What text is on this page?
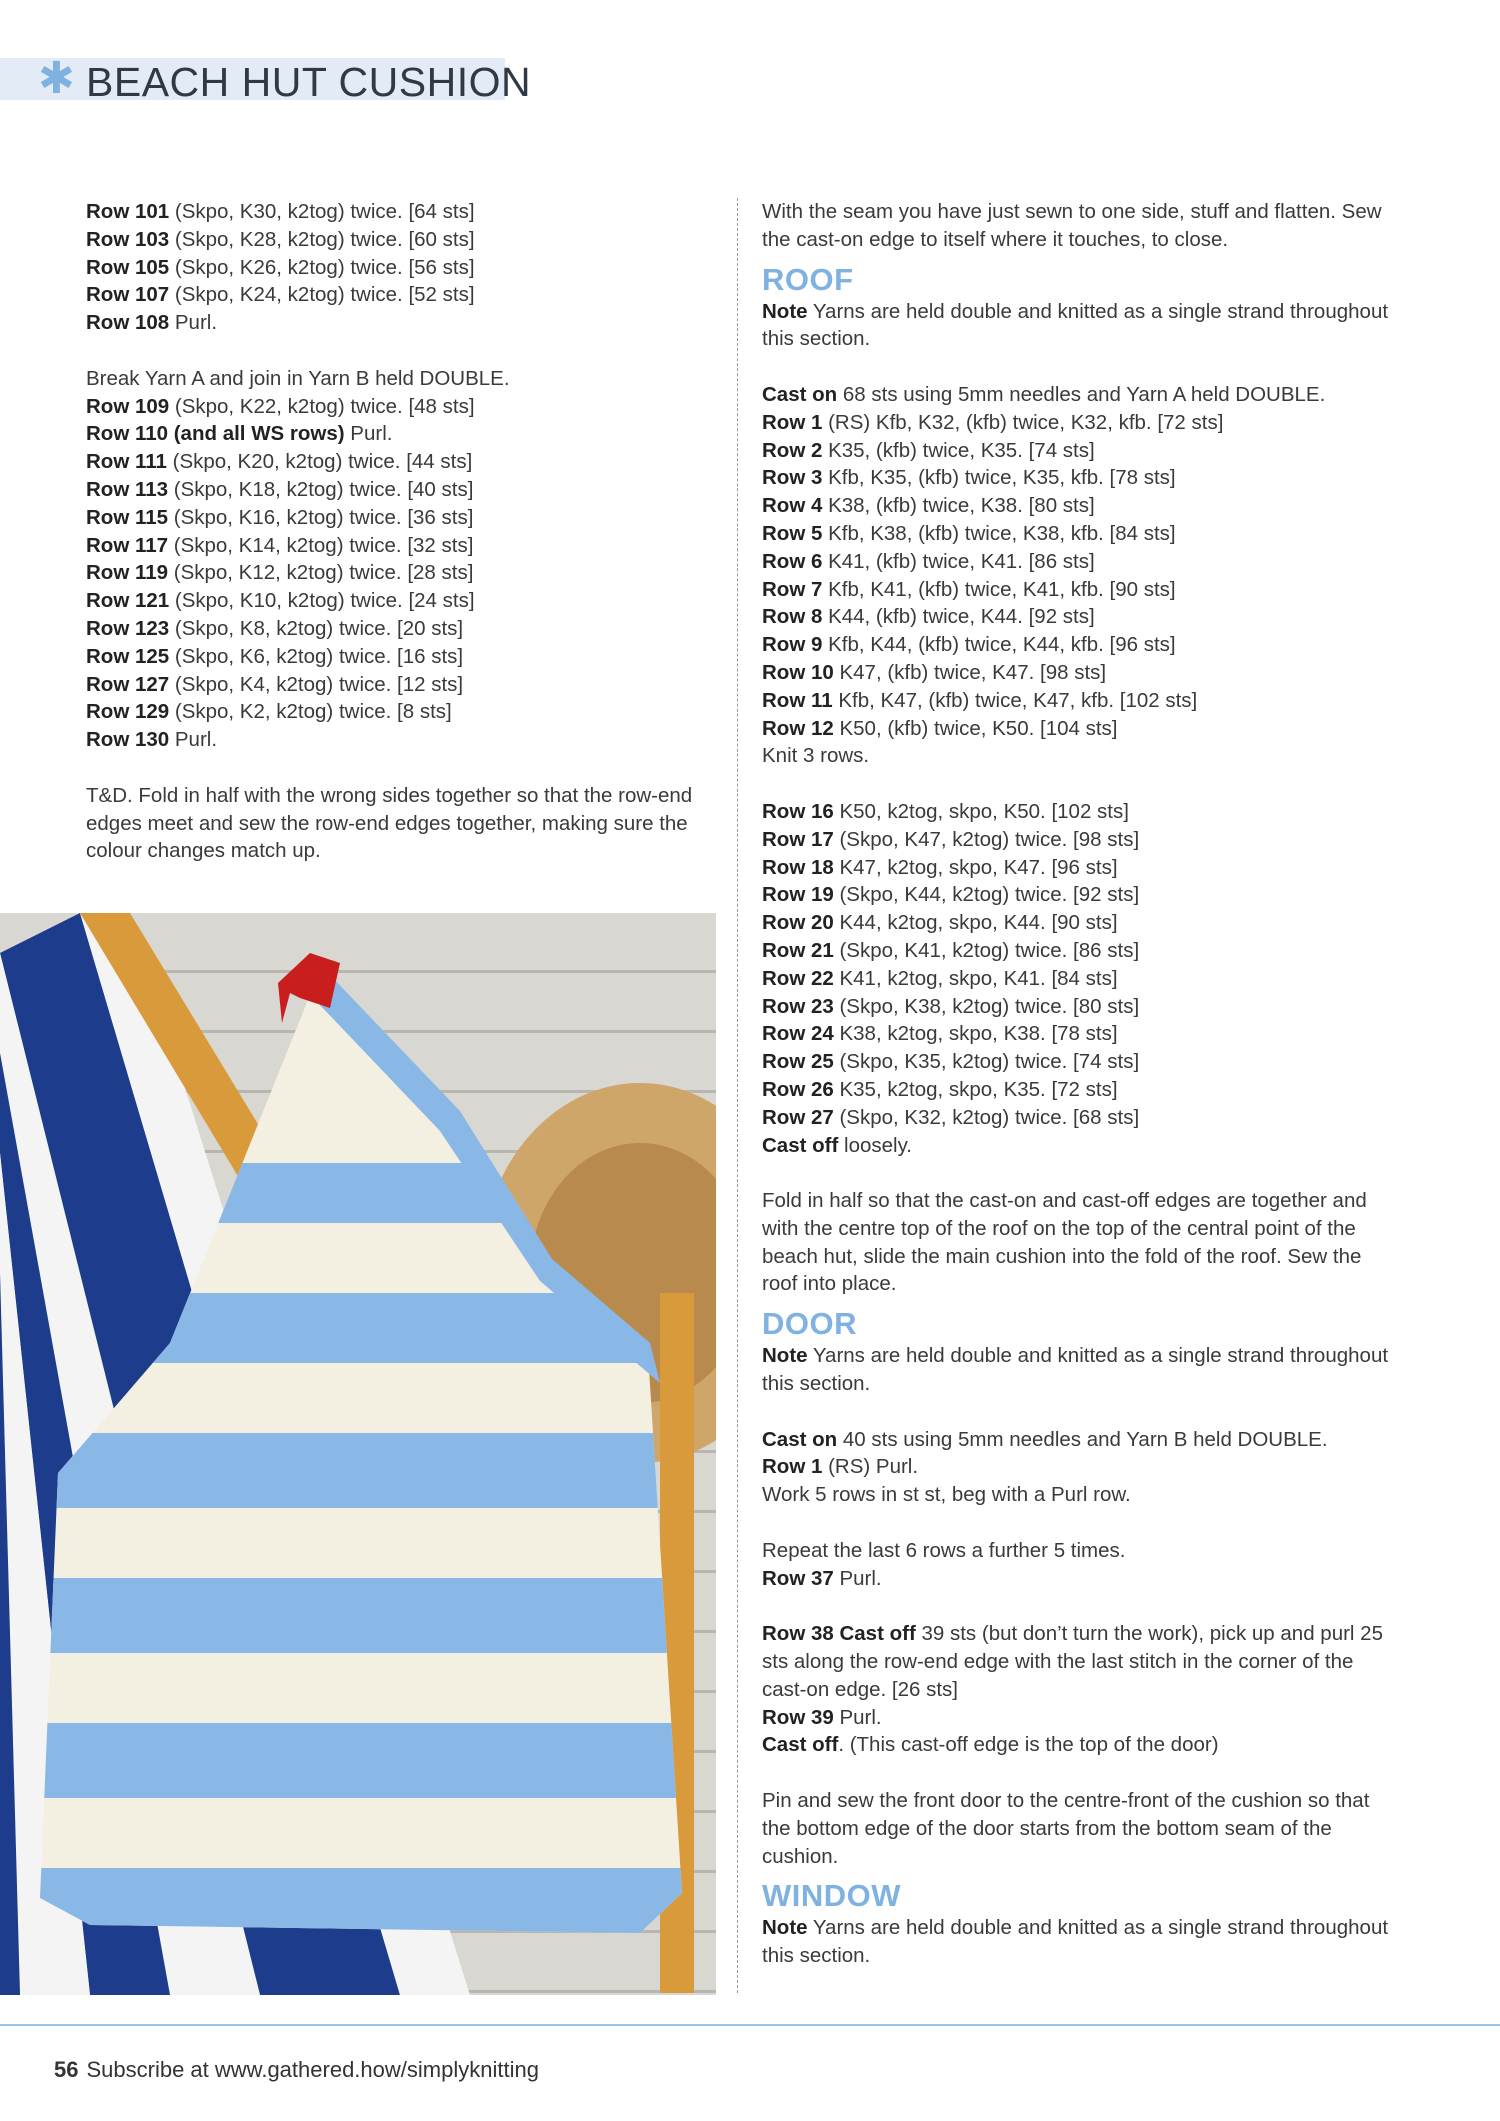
✱ BEACH HUT CUSHION

Row 101 (Skpo, K30, k2tog) twice. [64 sts]

Row 103 (Skpo, K28, k2tog) twice. [60 sts]

Row 105 (Skpo, K26, k2tog) twice. [56 sts]

Row 107 (Skpo, K24, k2tog) twice. [52 sts]

Row 108 Purl.

Break Yarn A and join in Yarn B held DOUBLE.

Row 109 (Skpo, K22, k2tog) twice. [48 sts]

Row 110 (and all WS rows) Purl.

Row 111 (Skpo, K20, k2tog) twice. [44 sts]

Row 113 (Skpo, K18, k2tog) twice. [40 sts]

Row 115 (Skpo, K16, k2tog) twice. [36 sts]

Row 117 (Skpo, K14, k2tog) twice. [32 sts]

Row 119 (Skpo, K12, k2tog) twice. [28 sts]

Row 121 (Skpo, K10, k2tog) twice. [24 sts]

Row 123 (Skpo, K8, k2tog) twice. [20 sts]

Row 125 (Skpo, K6, k2tog) twice. [16 sts]

Row 127 (Skpo, K4, k2tog) twice. [12 sts]

Row 129 (Skpo, K2, k2tog) twice. [8 sts]

Row 130 Purl.

T&D. Fold in half with the wrong sides together so that the row-end edges meet and sew the row-end edges together, making sure the colour changes match up.

With the seam you have just sewn to one side, stuff and flatten. Sew the cast-on edge to itself where it touches, to close.

ROOF

Note Yarns are held double and knitted as a single strand throughout this section.

Cast on 68 sts using 5mm needles and Yarn A held DOUBLE.

Row 1 (RS) Kfb, K32, (kfb) twice, K32, kfb. [72 sts]

Row 2 K35, (kfb) twice, K35. [74 sts]

Row 3 Kfb, K35, (kfb) twice, K35, kfb. [78 sts]

Row 4 K38, (kfb) twice, K38. [80 sts]

Row 5 Kfb, K38, (kfb) twice, K38, kfb. [84 sts]

Row 6 K41, (kfb) twice, K41. [86 sts]

Row 7 Kfb, K41, (kfb) twice, K41, kfb. [90 sts]

Row 8 K44, (kfb) twice, K44. [92 sts]

Row 9 Kfb, K44, (kfb) twice, K44, kfb. [96 sts]

Row 10 K47, (kfb) twice, K47. [98 sts]

Row 11 Kfb, K47, (kfb) twice, K47, kfb. [102 sts]

Row 12 K50, (kfb) twice, K50. [104 sts]

Knit 3 rows.

Row 16 K50, k2tog, skpo, K50. [102 sts]

Row 17 (Skpo, K47, k2tog) twice. [98 sts]

Row 18 K47, k2tog, skpo, K47. [96 sts]

Row 19 (Skpo, K44, k2tog) twice. [92 sts]

Row 20 K44, k2tog, skpo, K44. [90 sts]

Row 21 (Skpo, K41, k2tog) twice. [86 sts]

Row 22 K41, k2tog, skpo, K41. [84 sts]

Row 23 (Skpo, K38, k2tog) twice. [80 sts]

Row 24 K38, k2tog, skpo, K38. [78 sts]

Row 25 (Skpo, K35, k2tog) twice. [74 sts]

Row 26 K35, k2tog, skpo, K35. [72 sts]

Row 27 (Skpo, K32, k2tog) twice. [68 sts]

Cast off loosely.

Fold in half so that the cast-on and cast-off edges are together and with the centre top of the roof on the top of the central point of the beach hut, slide the main cushion into the fold of the roof. Sew the roof into place.

DOOR

Note Yarns are held double and knitted as a single strand throughout this section.

Cast on 40 sts using 5mm needles and Yarn B held DOUBLE.

Row 1 (RS) Purl.

Work 5 rows in st st, beg with a Purl row.

Repeat the last 6 rows a further 5 times.

Row 37 Purl.

Row 38 Cast off 39 sts (but don’t turn the work), pick up and purl 25 sts along the row-end edge with the last stitch in the corner of the cast-on edge. [26 sts]

Row 39 Purl.

Cast off. (This cast-off edge is the top of the door)

Pin and sew the front door to the centre-front of the cushion so that the bottom edge of the door starts from the bottom seam of the cushion.

WINDOW

Note Yarns are held double and knitted as a single strand throughout this section.

56 Subscribe at www.gathered.how/simplyknitting
